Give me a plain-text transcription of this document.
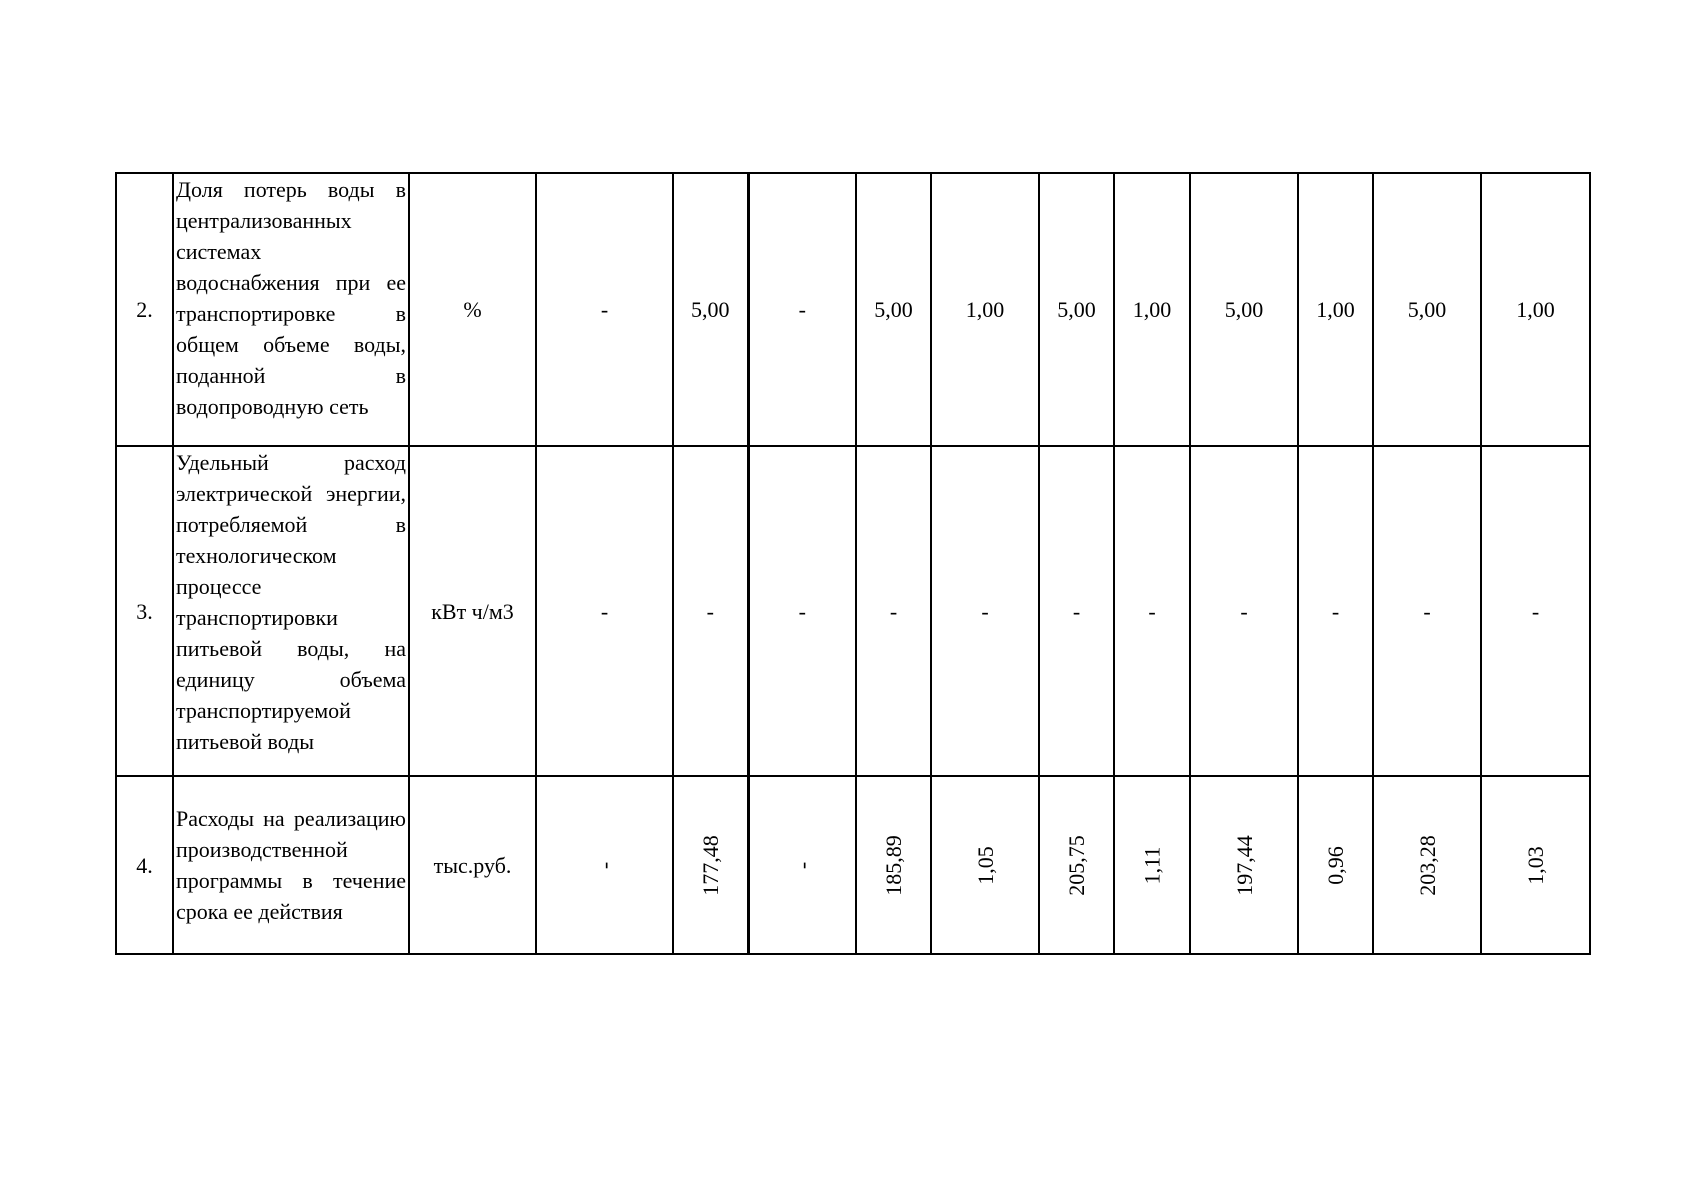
2.	Доля потерь воды в централизованных системах водоснабжения при ее транспортировке в общем объеме воды, поданной в водопроводную сеть	%	-	5,00	-	5,00	1,00	5,00	1,00	5,00	1,00	5,00	1,00
3.	Удельный расход электрической энергии, потребляемой в технологическом процессе транспортировки питьевой воды, на единицу объема транспортируемой питьевой воды	кВт ч/м3	-	-	-	-	-	-	-	-	-	-	-
4.	Расходы на реализацию производственной программы в течение срока ее действия	тыс.руб.	-	177,48	-	185,89	1,05	205,75	1,11	197,44	0,96	203,28	1,03
